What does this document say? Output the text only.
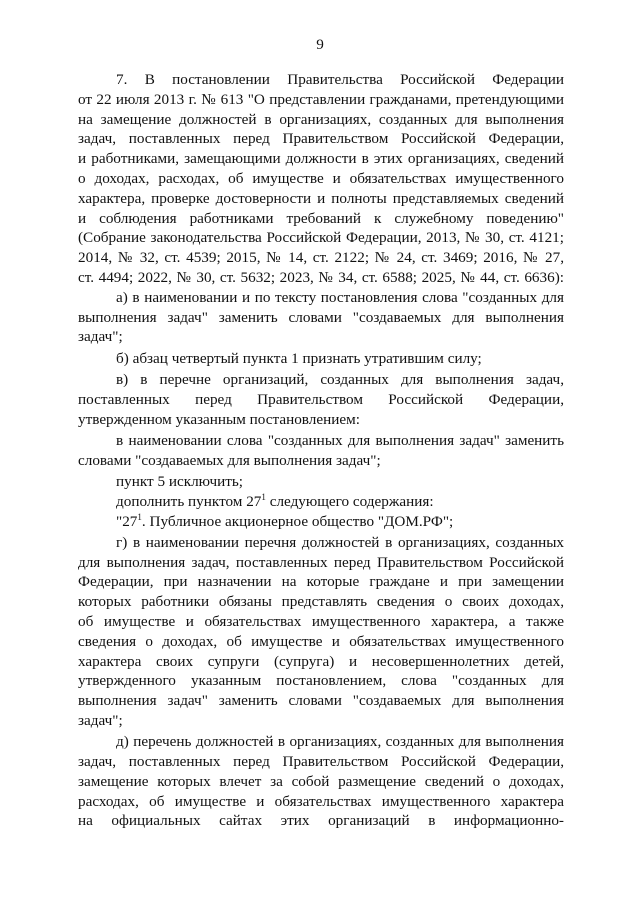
9
7. В постановлении Правительства Российской Федерации
от 22 июля 2013 г. № 613 "О представлении гражданами, претендующими
на замещение должностей в организациях, созданных для выполнения
задач, поставленных перед Правительством Российской Федерации,
и работниками, замещающими должности в этих организациях, сведений
о доходах, расходах, об имуществе и обязательствах имущественного
характера, проверке достоверности и полноты представляемых сведений
и соблюдения работниками требований к служебному поведению"
(Собрание законодательства Российской Федерации, 2013, № 30, ст. 4121;
2014, № 32, ст. 4539; 2015, № 14, ст. 2122; № 24, ст. 3469; 2016, № 27,
ст. 4494; 2022, № 30, ст. 5632; 2023, № 34, ст. 6588; 2025, № 44, ст. 6636):
а) в наименовании и по тексту постановления слова "созданных для
выполнения задач" заменить словами "создаваемых для выполнения
задач";
б) абзац четвертый пункта 1 признать утратившим силу;
в) в перечне организаций, созданных для выполнения задач,
поставленных перед Правительством Российской Федерации,
утвержденном указанным постановлением:
в наименовании слова "созданных для выполнения задач" заменить
словами "создаваемых для выполнения задач";
пункт 5 исключить;
дополнить пунктом $27^1$ следующего содержания:
"$27^1$. Публичное акционерное общество "ДОМ.РФ";
г) в наименовании перечня должностей в организациях, созданных
для выполнения задач, поставленных перед Правительством Российской
Федерации, при назначении на которые граждане и при замещении
которых работники обязаны представлять сведения о своих доходах,
об имуществе и обязательствах имущественного характера, а также
сведения о доходах, об имуществе и обязательствах имущественного
характера своих супруги (супруга) и несовершеннолетних детей,
утвержденного указанным постановлением, слова "созданных для
выполнения задач" заменить словами "создаваемых для выполнения
задач";
д) перечень должностей в организациях, созданных для выполнения
задач, поставленных перед Правительством Российской Федерации,
замещение которых влечет за собой размещение сведений о доходах,
расходах, об имуществе и обязательствах имущественного характера
на официальных сайтах этих организаций в информационно-
